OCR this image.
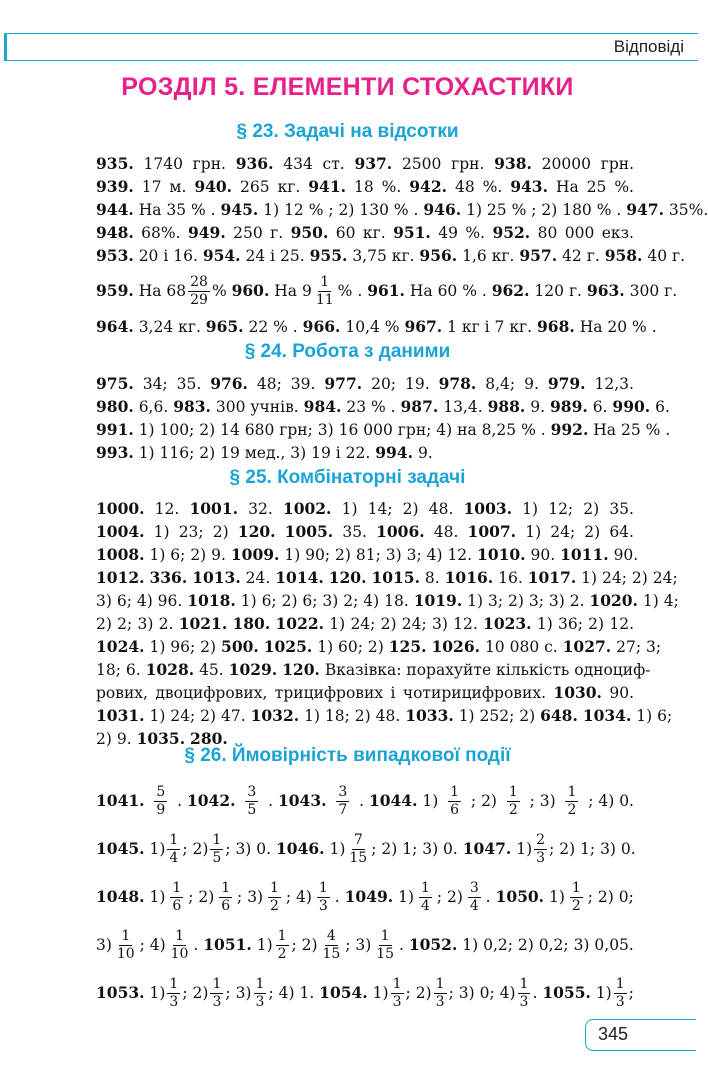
Відповіді
РОЗДІЛ 5. ЕЛЕМЕНТИ СТОХАСТИКИ
§ 23. Задачі на відсотки
935. 1740 грн. 936. 434 ст. 937. 2500 грн. 938. 20000 грн.
939. 17 м. 940. 265 кг. 941. 18 %. 942. 48 %. 943. На 25 %.
944. На 35 % . 945. 1) 12 % ; 2) 130 % . 946. 1) 25 % ; 2) 180 % . 947. 35%.
948. 68%. 949. 250 г. 950. 60 кг. 951. 49 %. 952. 80 000 екз.
953. 20 і 16. 954. 24 і 25. 955. 3,75 кг. 956. 1,6 кг. 957. 42 г. 958. 40 г.
959. На $68 \frac{28}{29}$ % 960. На $9 \frac{1}{11}$ % . 961. На 60 % . 962. 120 г. 963. 300 г.
964. 3,24 кг. 965. 22 % . 966. 10,4 % 967. 1 кг і 7 кг. 968. На 20 % .
§ 24. Робота з даними
975. 34; 35. 976. 48; 39. 977. 20; 19. 978. 8,4; 9. 979. 12,3.
980. 6,6. 983. 300 учнів. 984. 23 % . 987. 13,4. 988. 9. 989. 6. 990. 6.
991. 1) 100; 2) 14 680 грн; 3) 16 000 грн; 4) на 8,25 % . 992. На 25 % .
993. 1) 116; 2) 19 мед., 3) 19 і 22. 994. 9.
§ 25. Комбінаторні задачі
1000. 12. 1001. 32. 1002. 1) 14; 2) 48. 1003. 1) 12; 2) 35.
1004. 1) 23; 2) 120. 1005. 35. 1006. 48. 1007. 1) 24; 2) 64.
1008. 1) 6; 2) 9. 1009. 1) 90; 2) 81; 3) 3; 4) 12. 1010. 90. 1011. 90.
1012. 336. 1013. 24. 1014. 120. 1015. 8. 1016. 16. 1017. 1) 24; 2) 24;
3) 6; 4) 96. 1018. 1) 6; 2) 6; 3) 2; 4) 18. 1019. 1) 3; 2) 3; 3) 2. 1020. 1) 4;
2) 2; 3) 2. 1021. 180. 1022. 1) 24; 2) 24; 3) 12. 1023. 1) 36; 2) 12.
1024. 1) 96; 2) 500. 1025. 1) 60; 2) 125. 1026. 10 080 с. 1027. 27; 3;
18; 6. 1028. 45. 1029. 120. Вказівка: порахуйте кількість одноциф-
рових, двоцифрових, трицифрових і чотирицифрових. 1030. 90.
1031. 1) 24; 2) 47. 1032. 1) 18; 2) 48. 1033. 1) 252; 2) 648. 1034. 1) 6;
2) 9. 1035. 280.
§ 26. Ймовірність випадкової події
1041. $\frac{5}{9}$ . 1042. $\frac{3}{5}$ . 1043. $\frac{3}{7}$ . 1044. $1) \frac{1}{6}$ ; $2) \frac{1}{2}$ ; $3) \frac{1}{2}$ ; 4) 0.
1045. $1) \frac{1}{4}$ ; $2) \frac{1}{5}$ ; 3) 0. 1046. $1) \frac{7}{15}$ ; 2) 1; 3) 0. 1047. $1) \frac{2}{3}$ ; 2) 1; 3) 0.
1048. $1) \frac{1}{6}$ ; $2) \frac{1}{6}$ ; $3) \frac{1}{2}$ ; $4) \frac{1}{3}$ . 1049. $1) \frac{1}{4}$ ; $2) \frac{3}{4}$ . 1050. $1) \frac{1}{2}$ ; 2) 0;
$3) \frac{1}{10}$ ; $4) \frac{1}{10}$ . 1051. $1) \frac{1}{2}$ ; $2) \frac{4}{15}$ ; $3) \frac{1}{15}$ . 1052. 1) 0,2; 2) 0,2; 3) 0,05.
1053. $1) \frac{1}{3}$ ; $2) \frac{1}{3}$ ; $3) \frac{1}{3}$ ; 4) 1. 1054. $1) \frac{1}{3}$ ; $2) \frac{1}{3}$ ; 3) 0; $4) \frac{1}{3}$ . 1055. $1) \frac{1}{3}$ ;
345
